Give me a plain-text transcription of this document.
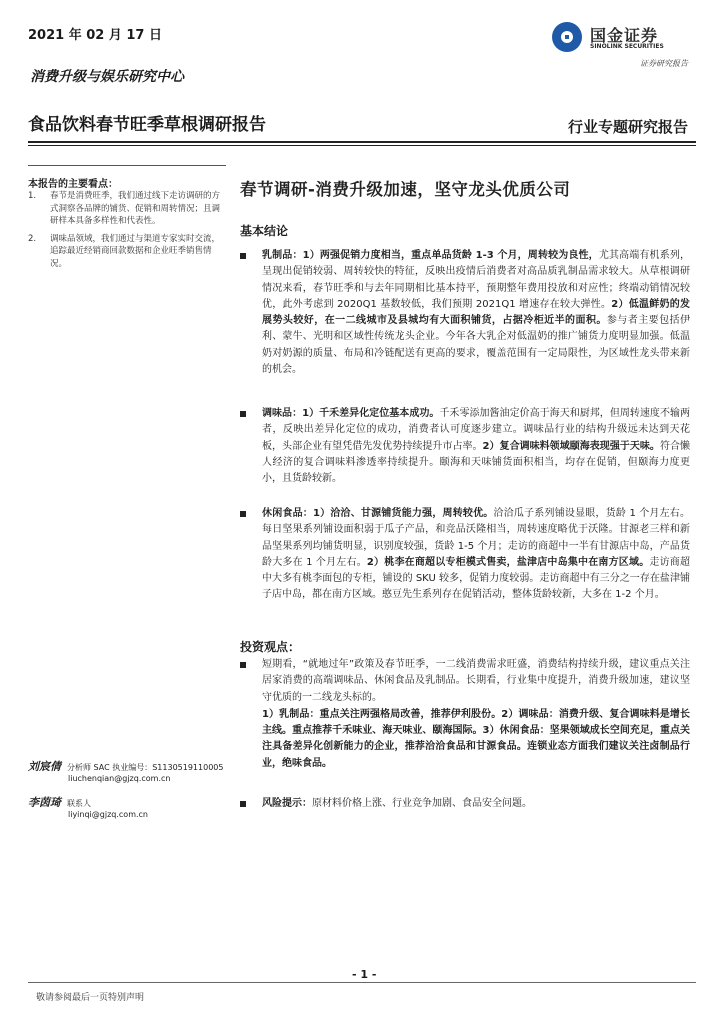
2021 年 02 月 17 日
消费升级与娱乐研究中心
食品饮料春节旺季草根调研报告	行业专题研究报告
国金证券
SINOLINK SECURITIES
证券研究报告
本报告的主要看点：
1. 春节是消费旺季，我们通过线下走访调研的方式洞察各品牌的铺货、促销和周转情况；且调研样本具备多样性和代表性。
2. 调味品领域，我们通过与渠道专家实时交流，追踪最近经销商回款数据和企业旺季销售情况。
刘宸倩 分析师 SAC 执业编号：S1130519110005
liuchenqian@gjzq.com.cn
李茵琦 联系人
liyinqi@gjzq.com.cn
春节调研-消费升级加速，坚守龙头优质公司
基本结论
乳制品：1）两强促销力度相当，重点单品货龄 1-3 个月，周转较为良性，尤其高端有机系列，呈现出促销较弱、周转较快的特征，反映出疫情后消费者对高品质乳制品需求较大。从草根调研情况来看，春节旺季和与去年同期相比基本持平，预期整年费用投放和对应性；终端动销情况较优，此外考虑到 2020Q1 基数较低，我们预期 2021Q1 增速存在较大弹性。2）低温鲜奶的发展势头较好，在一二线城市及县城均有大面积铺货，占据冷柜近半的面积。参与者主要包括伊利、蒙牛、光明和区域性传统龙头企业。今年各大乳企对低温奶的推广铺货力度明显加强。低温奶对奶源的质量、布局和冷链配送有更高的要求，覆盖范围有一定局限性，为区域性龙头带来新的机会。
调味品：1）千禾差异化定位基本成功。千禾零添加酱油定价高于海天和厨邦，但周转速度不输两者，反映出差异化定位的成功，消费者认可度逐步建立。调味品行业的结构升级远未达到天花板，头部企业有望凭借先发优势持续提升市占率。2）复合调味料领域颐海表现强于天味。符合懒人经济的复合调味料渗透率持续提升。颐海和天味铺货面积相当，均存在促销，但颐海力度更小，且货龄较新。
休闲食品：1）洽洽、甘源铺货能力强，周转较优。洽洽瓜子系列铺设显眼，货龄 1 个月左右。每日坚果系列铺设面积弱于瓜子产品，和竞品沃隆相当，周转速度略优于沃隆。甘源老三样和新品坚果系列均铺货明显，识别度较强，货龄 1-5 个月；走访的商超中一半有甘源店中岛，产品货龄大多在 1 个月左右。2）桃李在商超以专柜模式售卖，盐津店中岛集中在南方区域。走访商超中大多有桃李面包的专柜，铺设的 SKU 较多，促销力度较弱。走访商超中有三分之一存在盐津铺子店中岛，都在南方区域。憨豆先生系列存在促销活动，整体货龄较新，大多在 1-2 个月。
投资观点：
短期看，“就地过年”政策及春节旺季，一二线消费需求旺盛，消费结构持续升级，建议重点关注居家消费的高端调味品、休闲食品及乳制品。长期看，行业集中度提升，消费升级加速，建议坚守优质的一二线龙头标的。
1）乳制品：重点关注两强格局改善，推荐伊利股份。2）调味品：消费升级、复合调味料是增长主线。重点推荐千禾味业、海天味业、颐海国际。3）休闲食品：坚果领域成长空间充足，重点关注具备差异化创新能力的企业，推荐洽洽食品和甘源食品。连锁业态方面我们建议关注卤制品行业，绝味食品。
风险提示：原材料价格上涨、行业竞争加剧、食品安全问题。
- 1 -
敬请参阅最后一页特别声明
